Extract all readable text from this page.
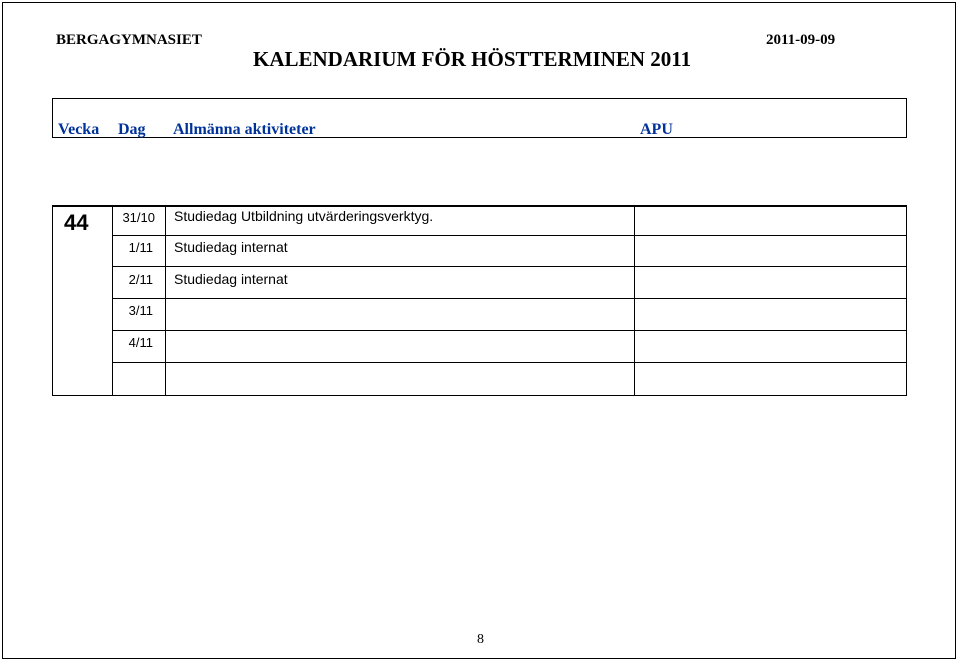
BERGAGYMNASIET	2011-09-09
KALENDARIUM FÖR HÖSTTERMINEN 2011
Vecka Dag Allmänna aktiviteter	APU
44	31/10 Studiedag Utbildning utvärderingsverktyg.
1/11 Studiedag internat
2/11 Studiedag internat
3/11
4/11
8
